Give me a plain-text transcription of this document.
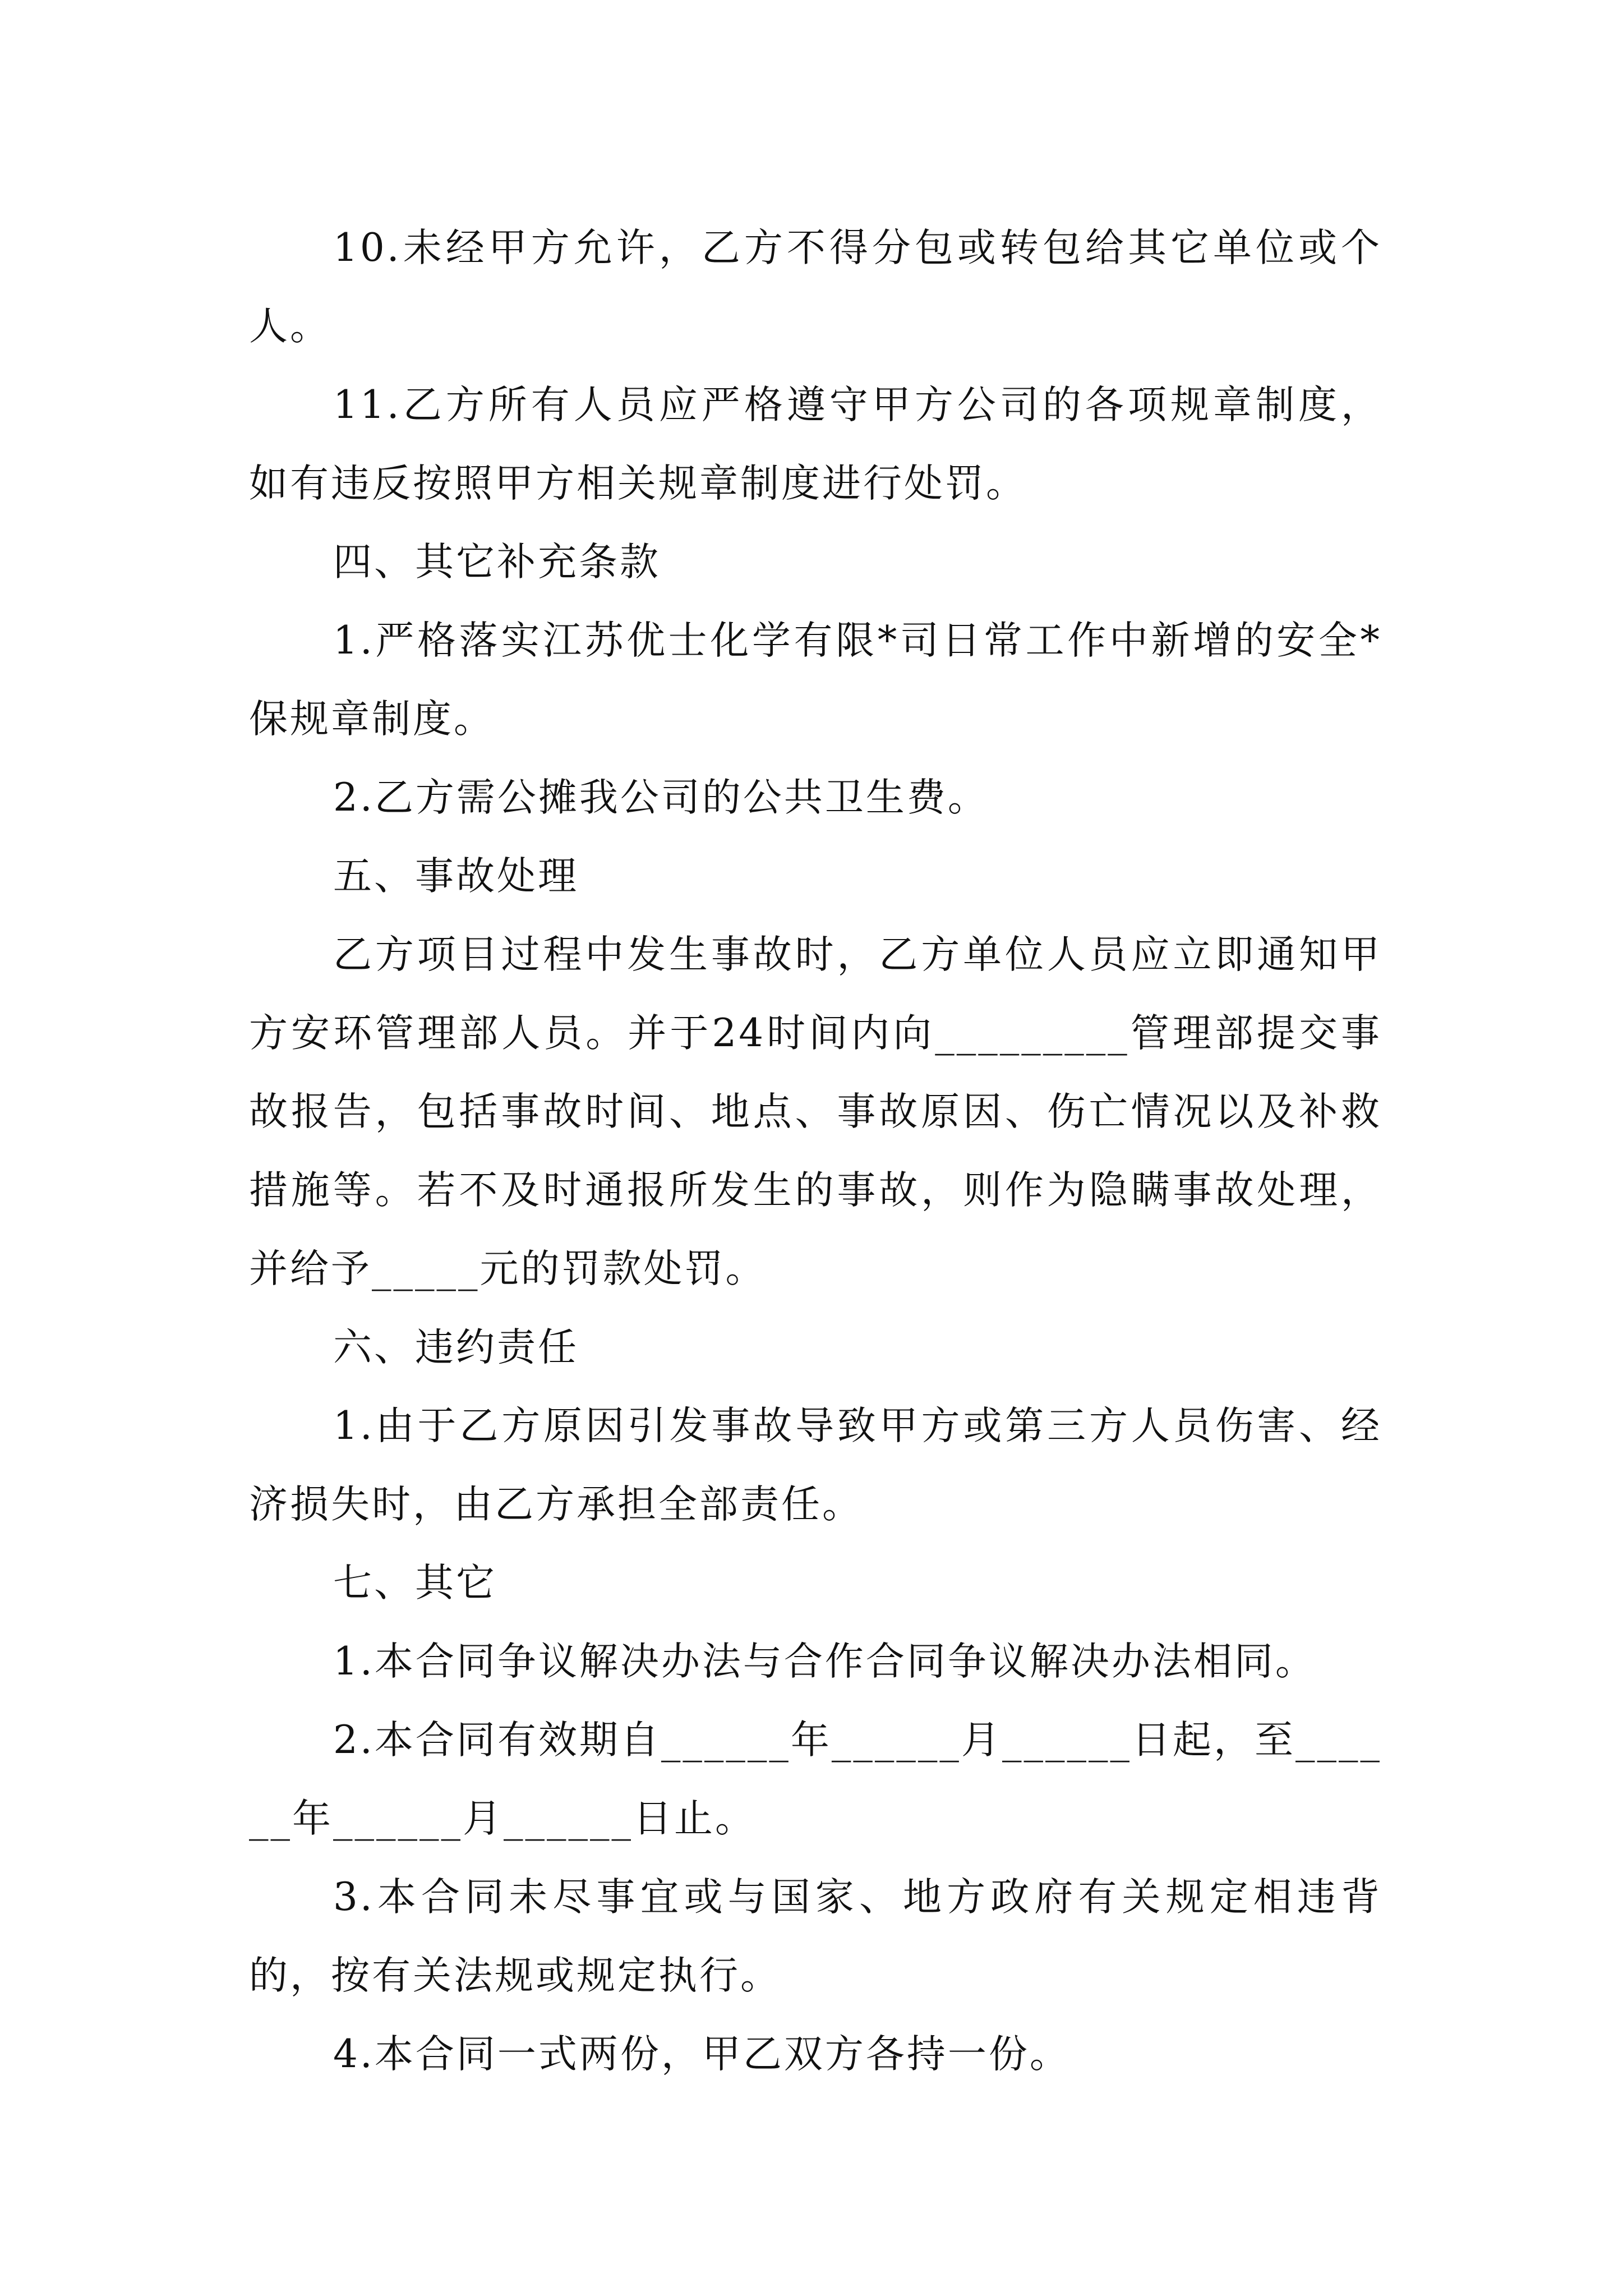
10.未经甲方允许，乙方不得分包或转包给其它单位或个人。

11.乙方所有人员应严格遵守甲方公司的各项规章制度，如有违反按照甲方相关规章制度进行处罚。

四、其它补充条款

1.严格落实江苏优士化学有限*司日常工作中新增的安全*保规章制度。

2.乙方需公摊我公司的公共卫生费。

五、事故处理

乙方项目过程中发生事故时，乙方单位人员应立即通知甲方安环管理部人员。并于24时间内向_________管理部提交事故报告，包括事故时间、地点、事故原因、伤亡情况以及补救措施等。若不及时通报所发生的事故，则作为隐瞒事故处理，并给予_____元的罚款处罚。

六、违约责任

1.由于乙方原因引发事故导致甲方或第三方人员伤害、经济损失时，由乙方承担全部责任。

七、其它

1.本合同争议解决办法与合作合同争议解决办法相同。

2.本合同有效期自______年______月______日起，至______年______月______日止。

3.本合同未尽事宜或与国家、地方政府有关规定相违背的，按有关法规或规定执行。

4.本合同一式两份，甲乙双方各持一份。
